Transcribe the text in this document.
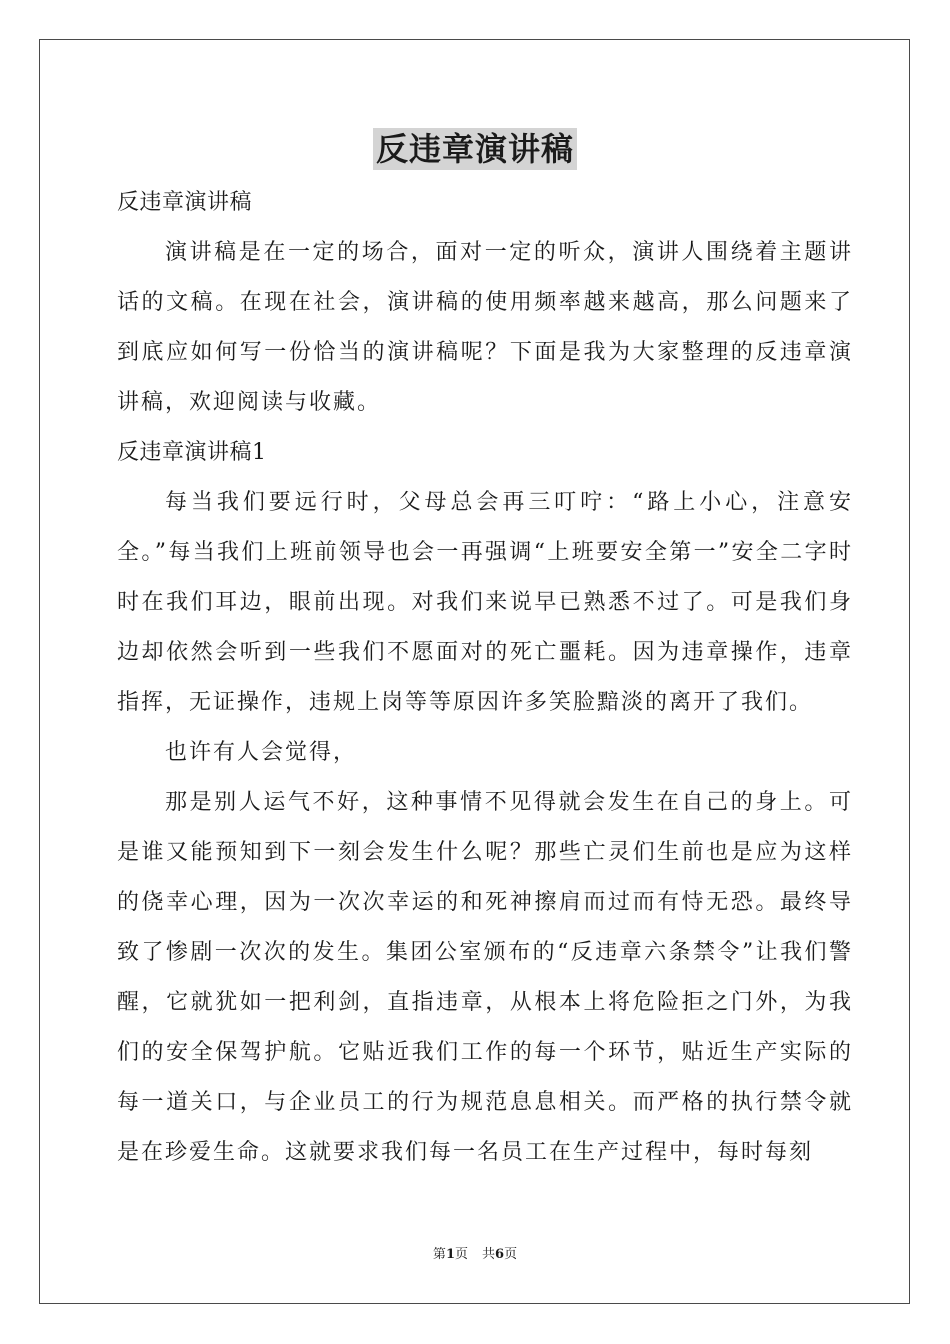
反违章演讲稿

反违章演讲稿

演讲稿是在一定的场合，面对一定的听众，演讲人围绕着主题讲话的文稿。在现在社会，演讲稿的使用频率越来越高，那么问题来了到底应如何写一份恰当的演讲稿呢？下面是我为大家整理的反违章演讲稿，欢迎阅读与收藏。

反违章演讲稿1

每当我们要远行时，父母总会再三叮咛：“路上小心，注意安全。”每当我们上班前领导也会一再强调“上班要安全第一”安全二字时时在我们耳边，眼前出现。对我们来说早已熟悉不过了。可是我们身边却依然会听到一些我们不愿面对的死亡噩耗。因为违章操作，违章指挥，无证操作，违规上岗等等原因许多笑脸黯淡的离开了我们。

也许有人会觉得，

那是别人运气不好，这种事情不见得就会发生在自己的身上。可是谁又能预知到下一刻会发生什么呢？那些亡灵们生前也是应为这样的侥幸心理，因为一次次幸运的和死神擦肩而过而有恃无恐。最终导致了惨剧一次次的发生。集团公室颁布的“反违章六条禁令”让我们警醒，它就犹如一把利剑，直指违章，从根本上将危险拒之门外，为我们的安全保驾护航。它贴近我们工作的每一个环节，贴近生产实际的每一道关口，与企业员工的行为规范息息相关。而严格的执行禁令就是在珍爱生命。这就要求我们每一名员工在生产过程中，每时每刻

第1页 共6页
